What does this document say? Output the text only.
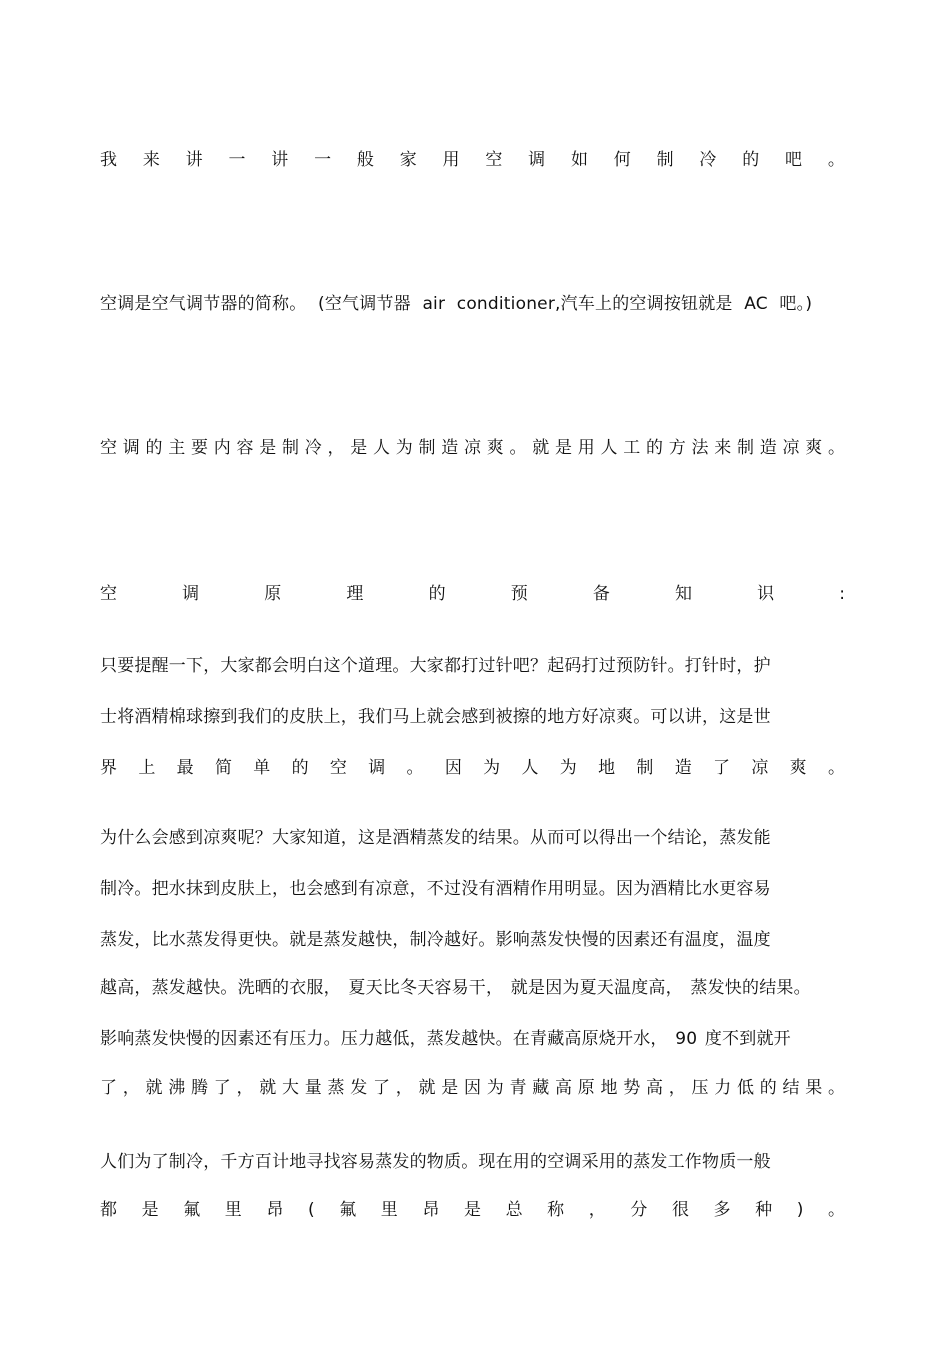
我 来 讲 一 讲 一 般 家 用 空 调 如 何 制 冷 的 吧 。
空调是空气调节器的简称。 (空气调节器 air conditioner,汽车上的空调按钮就是 AC 吧。)
空 调 的 主 要 内 容 是 制 冷 ， 是 人 为 制 造 凉 爽 。 就 是 用 人 工 的 方 法 来 制 造 凉 爽 。
空	调	原	理	的	预	备	知	识	:
只要提醒一下，大家都会明白这个道理。大家都打过针吧？起码打过预防针。打针时，护
士将酒精棉球擦到我们的皮肤上，我们马上就会感到被擦的地方好凉爽。可以讲，这是世
界 上 最 简 单 的 空 调 。 因 为 人 为 地 制 造 了 凉 爽 。
为什么会感到凉爽呢？大家知道，这是酒精蒸发的结果。从而可以得出一个结论，蒸发能
制冷。把水抹到皮肤上，也会感到有凉意，不过没有酒精作用明显。因为酒精比水更容易
蒸发，比水蒸发得更快。就是蒸发越快，制冷越好。影响蒸发快慢的因素还有温度，温度
越高，蒸发越快。洗晒的衣服， 夏天比冬天容易干， 就是因为夏天温度高， 蒸发快的结果。
影响蒸发快慢的因素还有压力。压力越低，蒸发越快。在青藏高原烧开水， 90 度不到就开
了 ， 就 沸 腾 了 ， 就 大 量 蒸 发 了 ， 就 是 因 为 青 藏 高 原 地 势 高 ， 压 力 低 的 结 果 。
人们为了制冷，千方百计地寻找容易蒸发的物质。现在用的空调采用的蒸发工作物质一般
都 是 氟 里 昂 ( 氟 里 昂 是 总 称 ， 分 很 多 种 ) 。
